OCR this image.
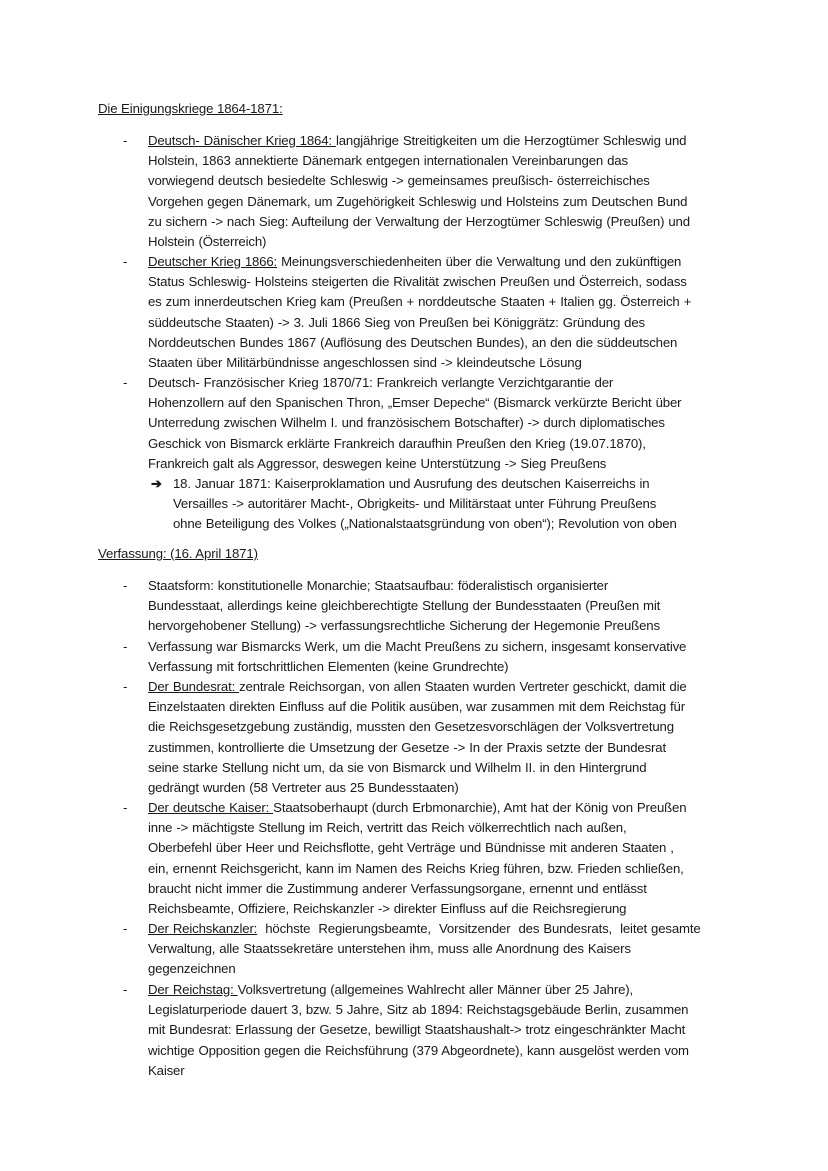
Die Einigungskriege 1864-1871:
- Deutsch- Dänischer Krieg 1864: langjährige Streitigkeiten um die Herzogtümer Schleswig und
Holstein, 1863 annektierte Dänemark entgegen internationalen Vereinbarungen das
vorwiegend deutsch besiedelte Schleswig -> gemeinsames preußisch- österreichisches
Vorgehen gegen Dänemark, um Zugehörigkeit Schleswig und Holsteins zum Deutschen Bund
zu sichern -> nach Sieg: Aufteilung der Verwaltung der Herzogtümer Schleswig (Preußen) und
Holstein (Österreich)
- Deutscher Krieg 1866: Meinungsverschiedenheiten über die Verwaltung und den zukünftigen
Status Schleswig- Holsteins steigerten die Rivalität zwischen Preußen und Österreich, sodass
es zum innerdeutschen Krieg kam (Preußen + norddeutsche Staaten + Italien gg. Österreich +
süddeutsche Staaten) -> 3. Juli 1866 Sieg von Preußen bei Königgrätz: Gründung des
Norddeutschen Bundes 1867 (Auflösung des Deutschen Bundes), an den die süddeutschen
Staaten über Militärbündnisse angeschlossen sind -> kleindeutsche Lösung
- Deutsch- Französischer Krieg 1870/71: Frankreich verlangte Verzichtgarantie der
Hohenzollern auf den Spanischen Thron, „Emser Depeche“ (Bismarck verkürzte Bericht über
Unterredung zwischen Wilhelm I. und französischem Botschafter) -> durch diplomatisches
Geschick von Bismarck erklärte Frankreich daraufhin Preußen den Krieg (19.07.1870),
Frankreich galt als Aggressor, deswegen keine Unterstützung -> Sieg Preußens
➔ 18. Januar 1871: Kaiserproklamation und Ausrufung des deutschen Kaiserreichs in
Versailles -> autoritärer Macht-, Obrigkeits- und Militärstaat unter Führung Preußens
ohne Beteiligung des Volkes („Nationalstaatsgründung von oben“); Revolution von oben
Verfassung: (16. April 1871)
- Staatsform: konstitutionelle Monarchie; Staatsaufbau: föderalistisch organisierter
Bundesstaat, allerdings keine gleichberechtigte Stellung der Bundesstaaten (Preußen mit
hervorgehobener Stellung) -> verfassungsrechtliche Sicherung der Hegemonie Preußens
- Verfassung war Bismarcks Werk, um die Macht Preußens zu sichern, insgesamt konservative
Verfassung mit fortschrittlichen Elementen (keine Grundrechte)
- Der Bundesrat: zentrale Reichsorgan, von allen Staaten wurden Vertreter geschickt, damit die
Einzelstaaten direkten Einfluss auf die Politik ausüben, war zusammen mit dem Reichstag für
die Reichsgesetzgebung zuständig, mussten den Gesetzesvorschlägen der Volksvertretung
zustimmen, kontrollierte die Umsetzung der Gesetze -> In der Praxis setzte der Bundesrat
seine starke Stellung nicht um, da sie von Bismarck und Wilhelm II. in den Hintergrund
gedrängt wurden (58 Vertreter aus 25 Bundesstaaten)
- Der deutsche Kaiser: Staatsoberhaupt (durch Erbmonarchie), Amt hat der König von Preußen
inne -> mächtigste Stellung im Reich, vertritt das Reich völkerrechtlich nach außen,
Oberbefehl über Heer und Reichsflotte, geht Verträge und Bündnisse mit anderen Staaten ,
ein, ernennt Reichsgericht, kann im Namen des Reichs Krieg führen, bzw. Frieden schließen,
braucht nicht immer die Zustimmung anderer Verfassungsorgane, ernennt und entlässt
Reichsbeamte, Offiziere, Reichskanzler -> direkter Einfluss auf die Reichsregierung
- Der Reichskanzler:  höchste  Regierungsbeamte,  Vorsitzender  des Bundesrats,  leitet gesamte
Verwaltung, alle Staatssekretäre unterstehen ihm, muss alle Anordnung des Kaisers
gegenzeichnen
- Der Reichstag: Volksvertretung (allgemeines Wahlrecht aller Männer über 25 Jahre),
Legislaturperiode dauert 3, bzw. 5 Jahre, Sitz ab 1894: Reichstagsgebäude Berlin, zusammen
mit Bundesrat: Erlassung der Gesetze, bewilligt Staatshaushalt-> trotz eingeschränkter Macht
wichtige Opposition gegen die Reichsführung (379 Abgeordnete), kann ausgelöst werden vom
Kaiser
